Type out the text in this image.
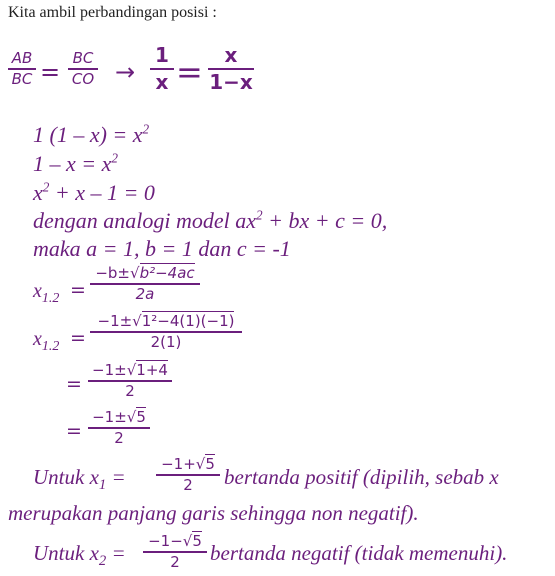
Kita ambil perbandingan posisi :
AB
BC = BC
CO →
1
x =	x
1−x
1 $(1 - x) = x^2$
$1 - x = x^2$
$x^2 + x - 1 = 0$
dengan analogi model $ax^2$ + bx + c = 0,
maka a = 1, b = 1 dan c = -1
$x_{1.2}$ =
−b±√b²−4ac
2a
$x_{1.2}$ =
−1±√1²−4(1)(−1)
2(1)
=
−1±√1+4
2
=
−1±√5
2
Untuk $x_1$ =
−1+√5
2	bertanda positif (dipilih, sebab x
merupakan panjang garis sehingga non negatif).
Untuk $x_2$ =	−1−√5
2	bertanda negatif (tidak memenuhi).
